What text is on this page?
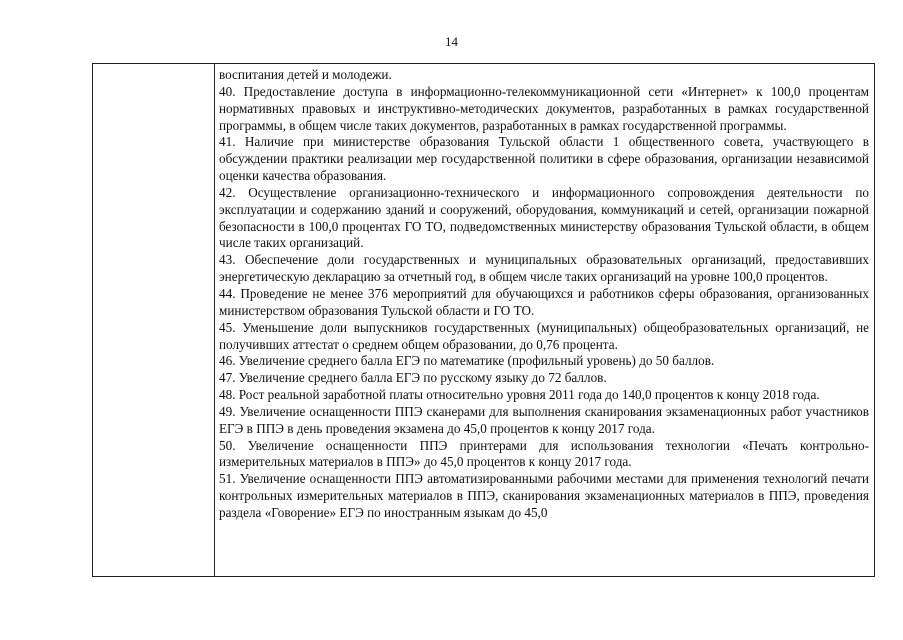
14

воспитания детей и молодежи.

40. Предоставление доступа в информационно-телекоммуникационной сети «Интернет» к 100,0 процентам нормативных правовых и инструктивно-методических документов, разработанных в рамках государственной программы, в общем числе таких документов, разработанных в рамках государственной программы.

41. Наличие при министерстве образования Тульской области 1 общественного совета, участвующего в обсуждении практики реализации мер государственной политики в сфере образования, организации независимой оценки качества образования.

42. Осуществление организационно-технического и информационного сопровождения деятельности по эксплуатации и содержанию зданий и сооружений, оборудования, коммуникаций и сетей, организации пожарной безопасности в 100,0 процентах ГО ТО, подведомственных министерству образования Тульской области, в общем числе таких организаций.

43. Обеспечение доли государственных и муниципальных образовательных организаций, предоставивших энергетическую декларацию за отчетный год, в общем числе таких организаций на уровне 100,0 процентов.

44. Проведение не менее 376 мероприятий для обучающихся и работников сферы образования, организованных министерством образования Тульской области и ГО ТО.

45. Уменьшение доли выпускников государственных (муниципальных) общеобразовательных организаций, не получивших аттестат о среднем общем образовании, до 0,76 процента.

46. Увеличение среднего балла ЕГЭ по математике (профильный уровень) до 50 баллов.

47. Увеличение среднего балла ЕГЭ по русскому языку до 72 баллов.

48. Рост реальной заработной платы относительно уровня 2011 года до 140,0 процентов к концу 2018 года.

49. Увеличение оснащенности ППЭ сканерами для выполнения сканирования экзаменационных работ участников ЕГЭ в ППЭ в день проведения экзамена до 45,0 процентов к концу 2017 года.

50. Увеличение оснащенности ППЭ принтерами для использования технологии «Печать контрольно-измерительных материалов в ППЭ» до 45,0 процентов к концу 2017 года.

51. Увеличение оснащенности ППЭ автоматизированными рабочими местами для применения технологий печати контрольных измерительных материалов в ППЭ, сканирования экзаменационных материалов в ППЭ, проведения раздела «Говорение» ЕГЭ по иностранным языкам до 45,0
